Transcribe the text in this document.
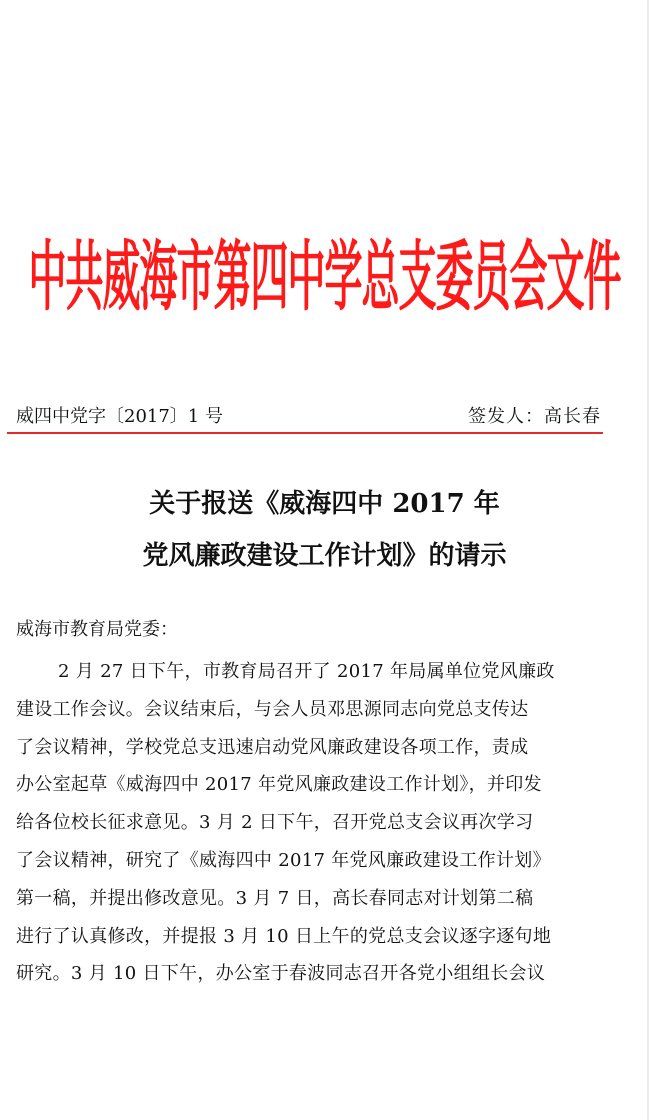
中共威海市第四中学总支委员会文件
威四中党字〔2017〕1 号	签发人：高长春
关于报送《威海四中 2017 年
党风廉政建设工作计划》的请示
威海市教育局党委：
2 月 27 日下午，市教育局召开了 2017 年局属单位党风廉政
建设工作会议。会议结束后，与会人员邓思源同志向党总支传达
了会议精神，学校党总支迅速启动党风廉政建设各项工作，责成
办公室起草《威海四中 2017 年党风廉政建设工作计划》，并印发
给各位校长征求意见。3 月 2 日下午，召开党总支会议再次学习
了会议精神，研究了《威海四中 2017 年党风廉政建设工作计划》
第一稿，并提出修改意见。3 月 7 日，高长春同志对计划第二稿
进行了认真修改，并提报 3 月 10 日上午的党总支会议逐字逐句地
研究。3 月 10 日下午，办公室于春波同志召开各党小组组长会议
